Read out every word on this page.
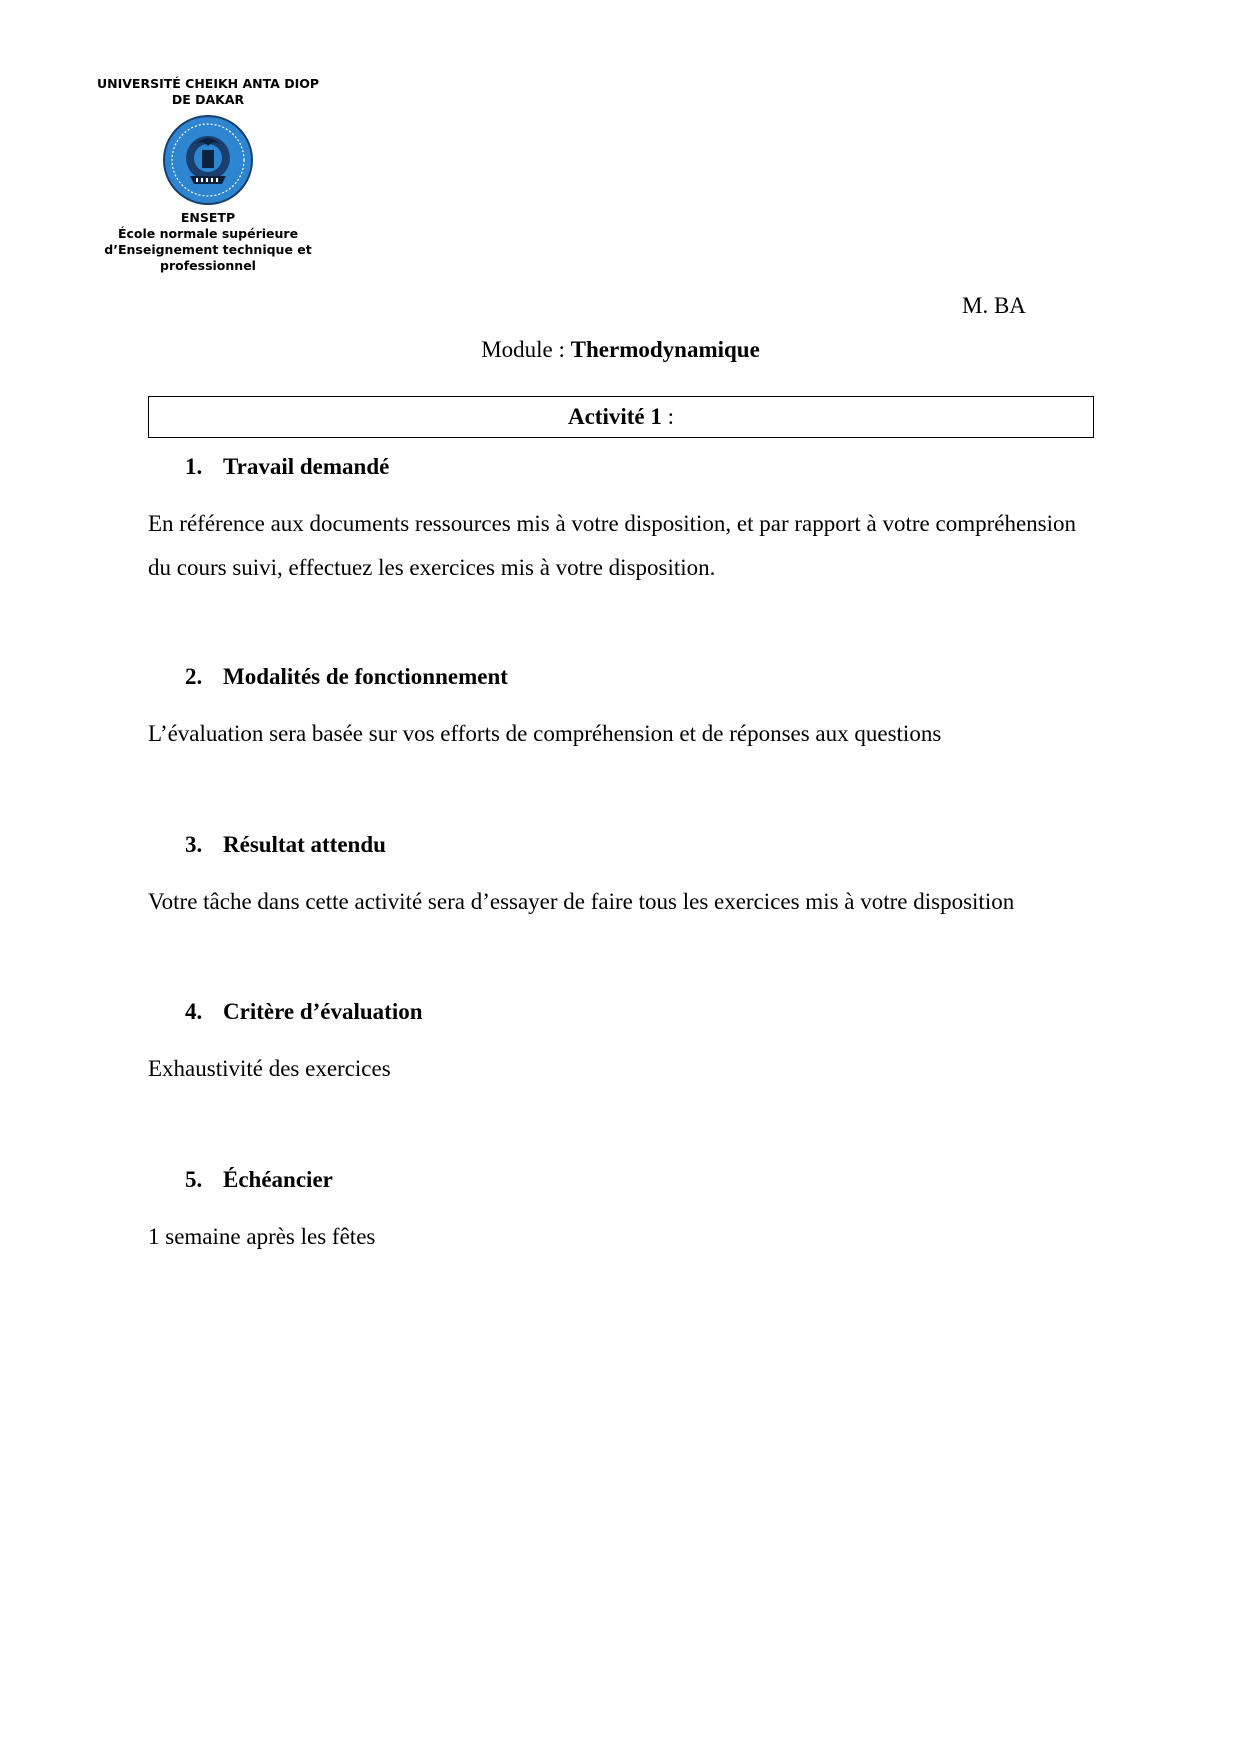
UNIVERSITÉ CHEIKH ANTA DIOP
DE DAKAR
ENSETP
École normale supérieure
d’Enseignement technique et
professionnel
M. BA
Module : Thermodynamique
Activité 1 :
1. Travail demandé
En référence aux documents ressources mis à votre disposition, et par rapport à votre compréhension du cours suivi, effectuez les exercices mis à votre disposition.
2. Modalités de fonctionnement
L’évaluation sera basée sur vos efforts de compréhension et de réponses aux questions
3. Résultat attendu
Votre tâche dans cette activité sera d’essayer de faire tous les exercices mis à votre disposition
4. Critère d’évaluation
Exhaustivité des exercices
5. Échéancier
1 semaine après les fêtes
